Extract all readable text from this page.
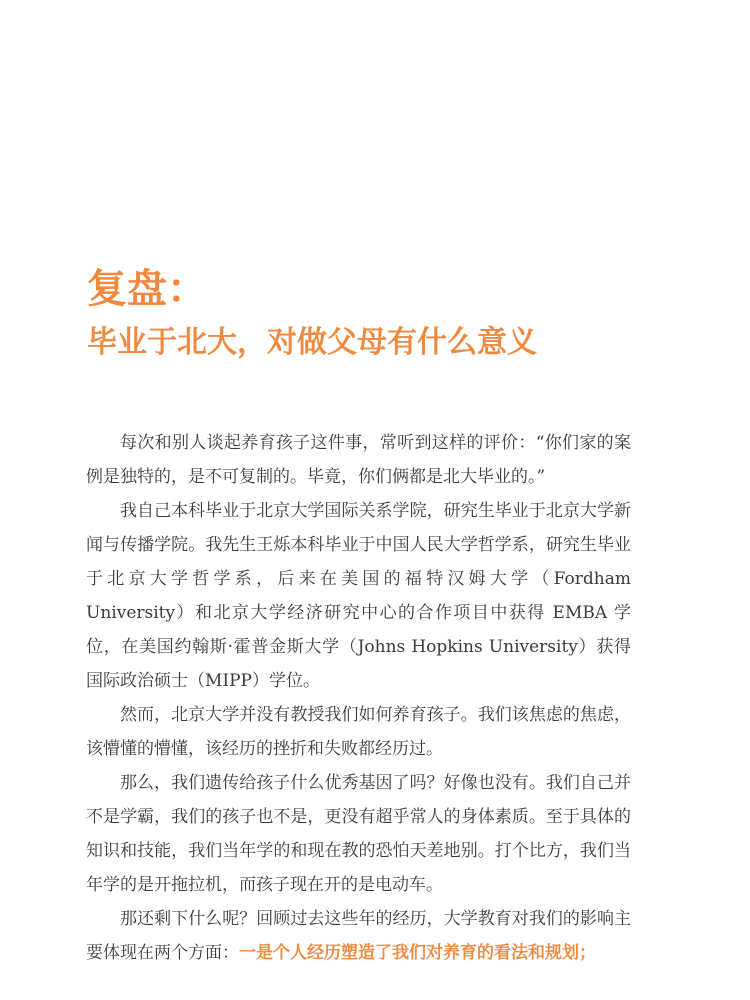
复盘：
毕业于北大，对做父母有什么意义

每次和别人谈起养育孩子这件事，常听到这样的评价：“你们家的案例是独特的，是不可复制的。毕竟，你们俩都是北大毕业的。”

我自己本科毕业于北京大学国际关系学院，研究生毕业于北京大学新闻与传播学院。我先生王烁本科毕业于中国人民大学哲学系，研究生毕业于北京大学哲学系，后来在美国的福特汉姆大学（Fordham University）和北京大学经济研究中心的合作项目中获得 EMBA 学位，在美国约翰斯·霍普金斯大学（Johns Hopkins University）获得国际政治硕士（MIPP）学位。

然而，北京大学并没有教授我们如何养育孩子。我们该焦虑的焦虑，该懵懂的懵懂，该经历的挫折和失败都经历过。

那么，我们遗传给孩子什么优秀基因了吗？好像也没有。我们自己并不是学霸，我们的孩子也不是，更没有超乎常人的身体素质。至于具体的知识和技能，我们当年学的和现在教的恐怕天差地别。打个比方，我们当年学的是开拖拉机，而孩子现在开的是电动车。

那还剩下什么呢？回顾过去这些年的经历，大学教育对我们的影响主要体现在两个方面：一是个人经历塑造了我们对养育的看法和规划；
